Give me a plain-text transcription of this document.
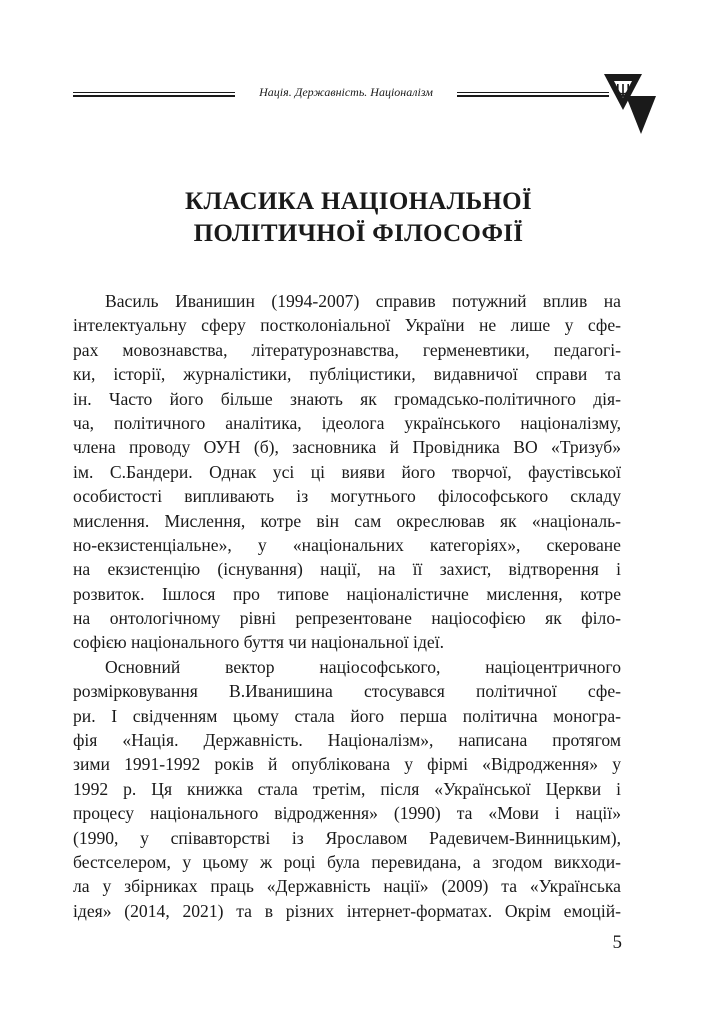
Нація. Державність. Націоналізм
КЛАСИКА НАЦІОНАЛЬНОЇ
ПОЛІТИЧНОЇ ФІЛОСОФІЇ
Василь Иванишин (1994-2007) справив потужний вплив на
інтелектуальну сферу постколоніальної України не лише у сфе-
рах мовознавства, літературознавства, герменевтики, педагогі-
ки, історії, журналістики, публіцистики, видавничої справи та
ін. Часто його більше знають як громадсько-політичного дія-
ча, політичного аналітика, ідеолога українського націоналізму,
члена проводу ОУН (б), засновника й Провідника ВО «Тризуб»
ім. С.Бандери. Однак усі ці вияви його творчої, фаустівської
особистості випливають із могутнього філософського складу
мислення. Мислення, котре він сам окреслював як «національ-
но-екзистенціальне», у «національних категоріях», скероване
на екзистенцію (існування) нації, на її захист, відтворення і
розвиток. Ішлося про типове націоналістичне мислення, котре
на онтологічному рівні репрезентоване націософією як філо-
софією національного буття чи національної ідеї.
Основний вектор націософського, націоцентричного
розмірковування В.Иванишина стосувався політичної сфе-
ри. І свідченням цьому стала його перша політична моногра-
фія «Нація. Державність. Націоналізм», написана протягом
зими 1991-1992 років й опублікована у фірмі «Відродження» у
1992 р. Ця книжка стала третім, після «Української Церкви і
процесу національного відродження» (1990) та «Мови і нації»
(1990, у співавторстві із Ярославом Радевичем-Винницьким),
бестселером, у цьому ж році була перевидана, а згодом викходи-
ла у збірниках праць «Державність нації» (2009) та «Українська
ідея» (2014, 2021) та в різних інтернет-форматах. Окрім емоцій-
5
